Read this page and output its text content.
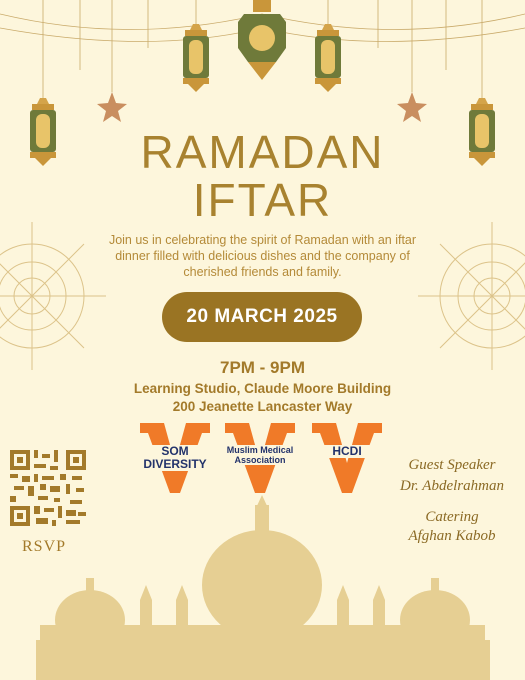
RAMADAN
IFTAR
Join us in celebrating the spirit of Ramadan with an iftar dinner filled with delicious dishes and the company of cherished friends and family.
20 MARCH 2025
7PM - 9PM
Learning Studio, Claude Moore Building
200 Jeanette Lancaster Way
SOM
DIVERSITY
Muslim Medical
Association
HCDI
RSVP
Guest Speaker
Dr. Abdelrahman
Catering
Afghan Kabob
